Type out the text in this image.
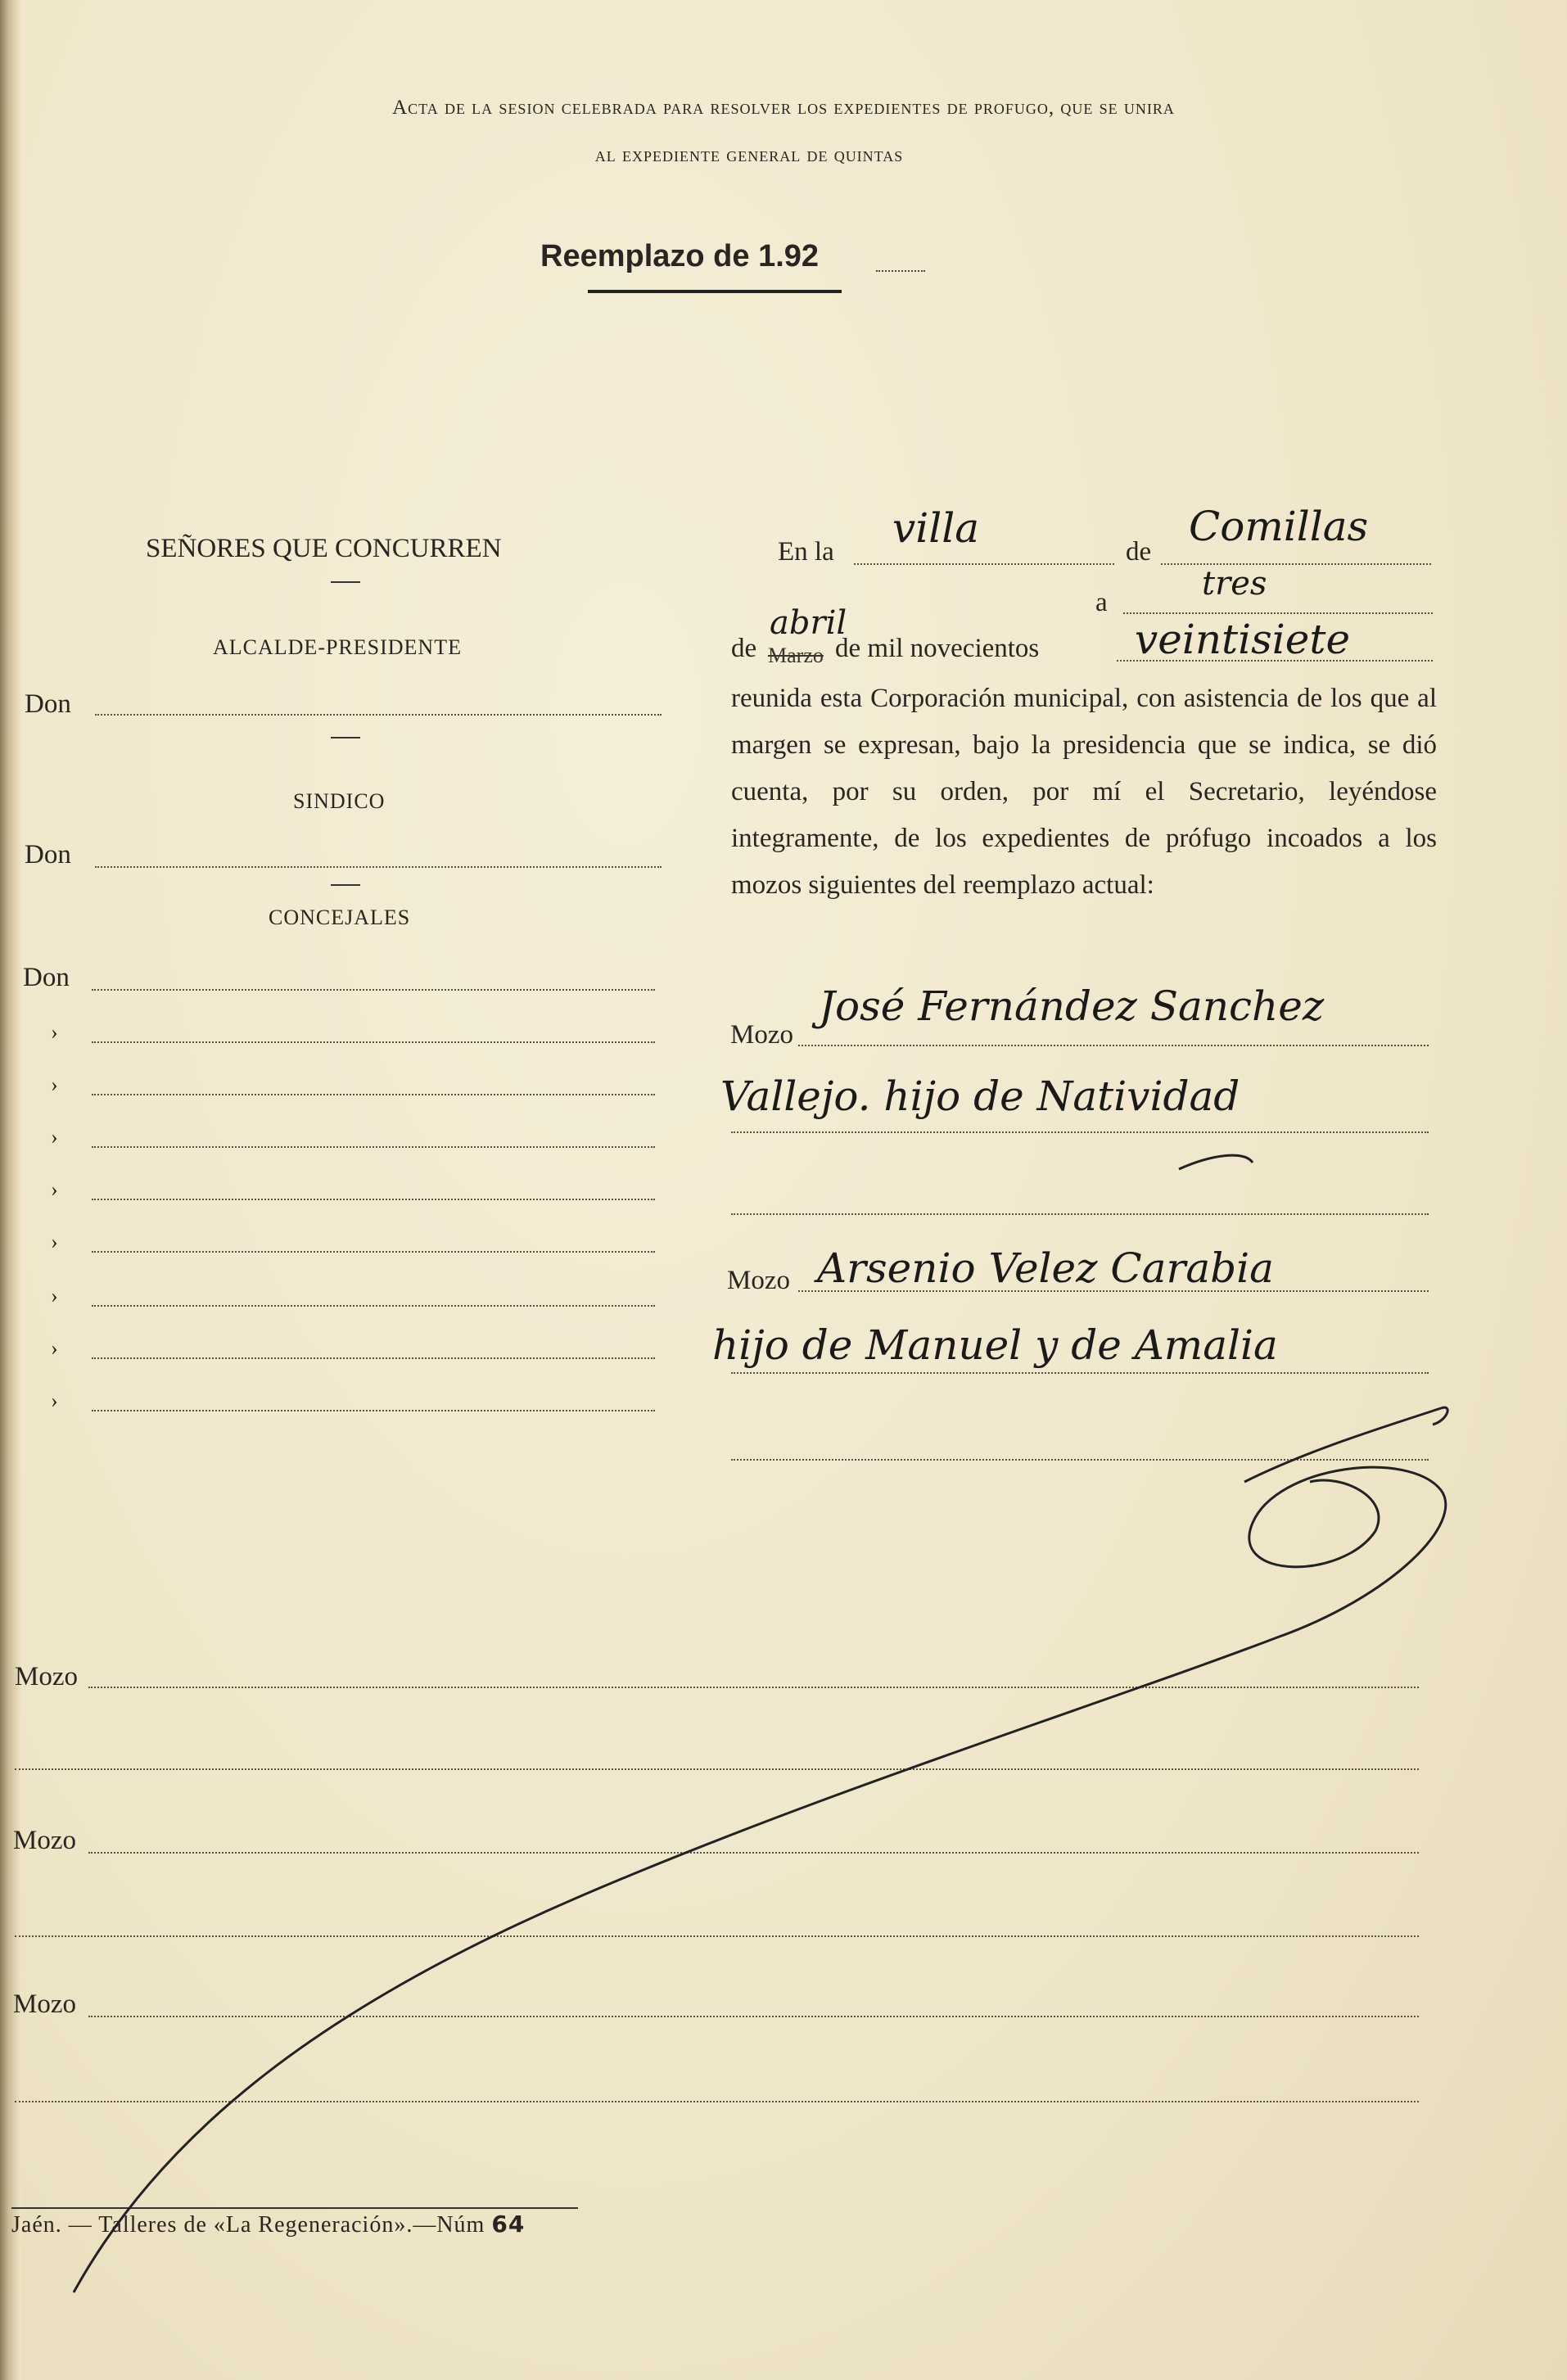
Acta de la sesion celebrada para resolver los expedientes de profugo, que se unira
al expediente general de quintas
Reemplazo de 1.92
SEÑORES QUE CONCURREN
ALCALDE-PRESIDENTE
Don
SINDICO
Don
CONCEJALES
Don
›
›
›
›
›
›
›
›
En la villa	de
Comillas
a	tres
de
abril
Marzo de mil novecientos veintisiete
reunida esta Corporación municipal, con asistencia de los que al margen se expresan, bajo la presidencia que se indica, se dió cuenta, por su orden, por mí el Secretario, leyéndose integramente, de los expedientes de prófugo incoados a los mozos siguientes del reemplazo actual:
Mozo
José Fernández Sanchez
Vallejo. hijo de Natividad
Mozo Arsenio Velez Carabia
hijo de Manuel y de Amalia
Mozo
Mozo
Mozo
Jaén. — Talleres de «La Regeneración».—Núm 64
